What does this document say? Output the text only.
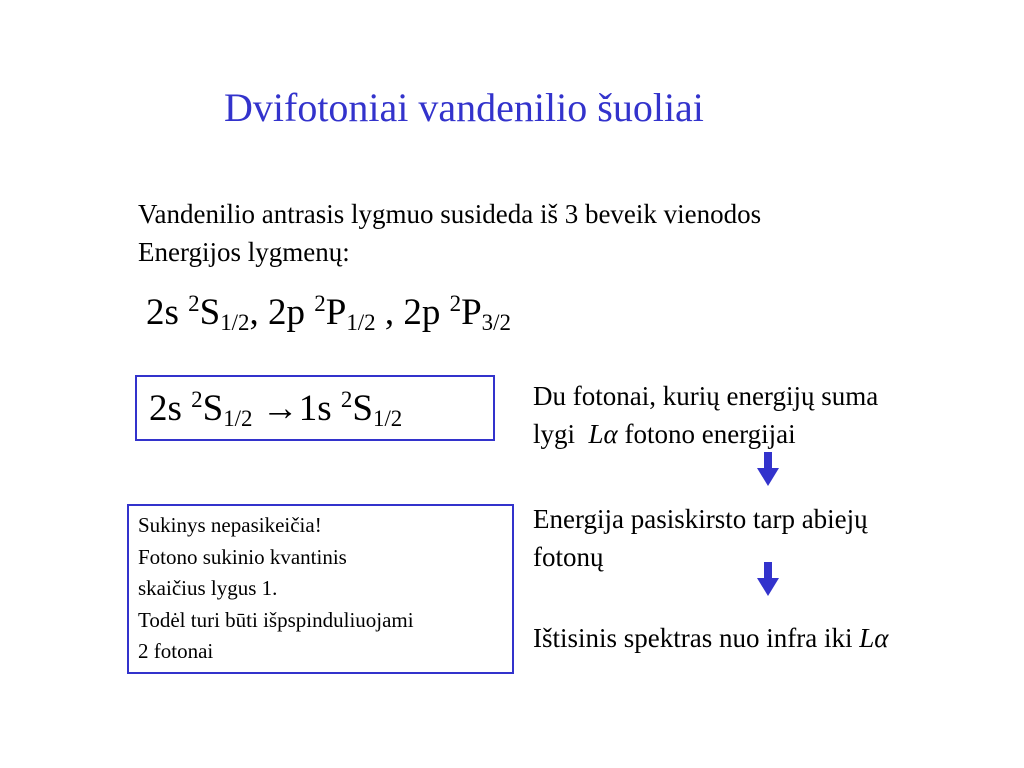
Dvifotoniai vandenilio šuoliai
Vandenilio antrasis lygmuo susideda iš 3 beveik vienodos
Energijos lygmenų:
2s $^2S_{1/2}$, 2p $^2P_{1/2}$ , 2p $^2P_{3/2}$
2s $^2S_{1/2} \to 1s$ $^2S_{1/2}$
Sukinys nepasikeičia!
Fotono sukinio kvantinis
skaičius lygus 1.
Todėl turi būti išpspinduliuojami
2 fotonai
Du fotonai, kurių energijų suma
lygi  Lα fotono energijai
Energija pasiskirsto tarp abiejų
fotonų
Ištisinis spektras nuo infra iki Lα
